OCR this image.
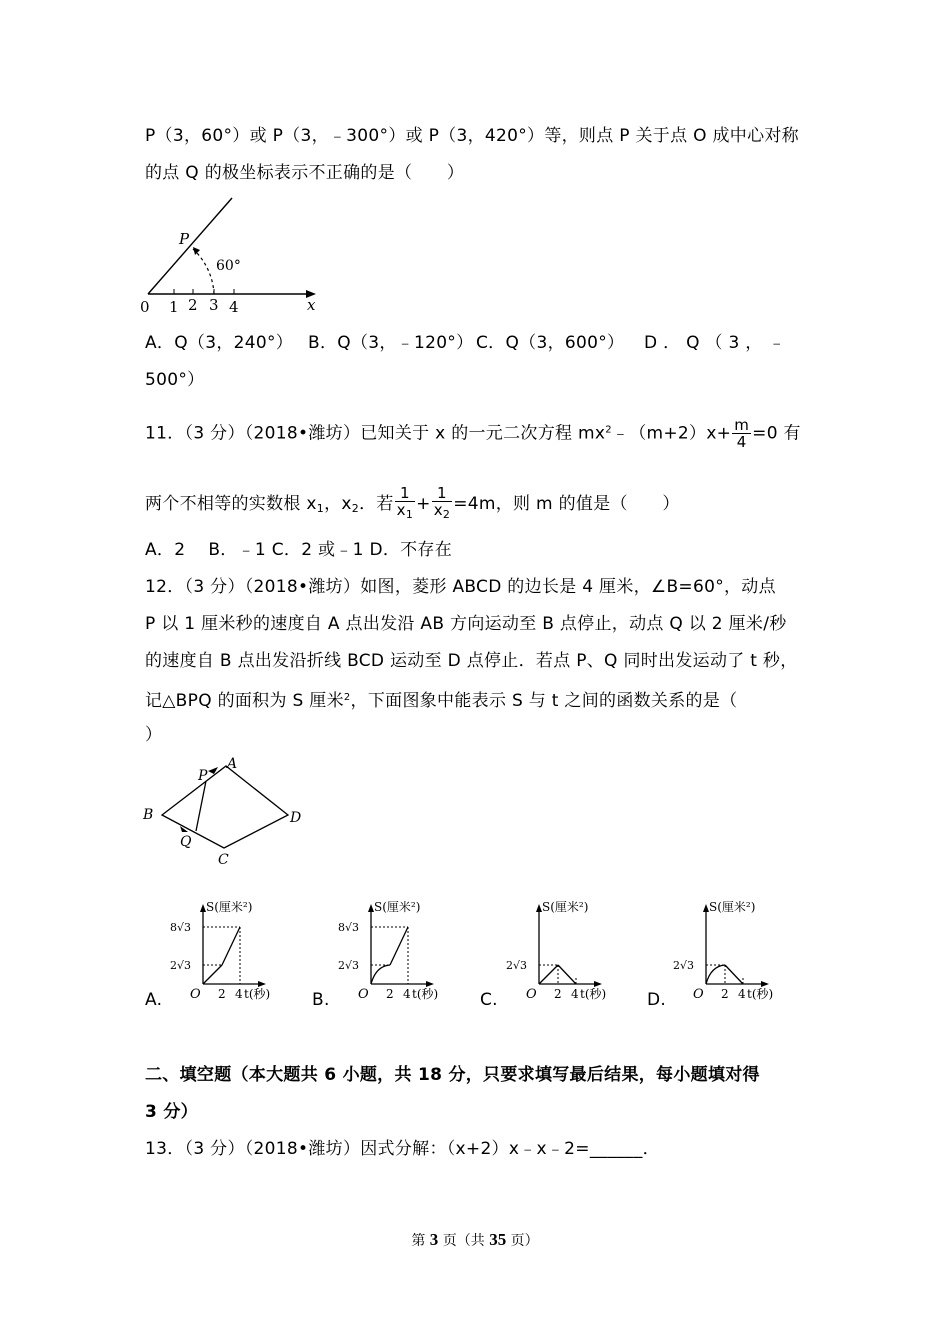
P（3，60°）或 P（3，﹣300°）或 P（3，420°）等，则点 P 关于点 O 成中心对称
的点 Q 的极坐标表示不正确的是（　　）
P
60°
0 1 2 3 4	x
A．Q（3，240°） B．Q（3，﹣120°） C．Q（3，600°） D ． Q （ 3 ， ﹣
500°）
11．（3 分）（2018•潍坊）已知关于 x 的一元二次方程 $mx^2﹣(m+2)x+ \frac{m}{4} =0$ 有
两个不相等的实数根 $x_1$，$x_2$．若 $\frac{1}{x_1} + \frac{1}{x_2} =4m$，则 m 的值是（　　）
A．2　 B．﹣1 C．2 或﹣1 D．不存在
12．（3 分）（2018•潍坊）如图，菱形 ABCD 的边长是 4 厘米，∠B=60°，动点
P 以 1 厘米秒的速度自 A 点出发沿 AB 方向运动至 B 点停止，动点 Q 以 2 厘米/秒
的速度自 B 点出发沿折线 BCD 运动至 D 点停止．若点 P、Q 同时出发运动了 t 秒，
记△BPQ 的面积为 S 厘米$^2$，下面图象中能表示 S 与 t 之间的函数关系的是（
）
A
B
C
D
P
Q
A.	B.	C.	D.
S(厘米²)
8√3
2√3
O 2 4 t(秒)
S(厘米²)
8√3
2√3
O 2 4 t(秒)
S(厘米²)
2√3
O 2 4 t(秒)
S(厘米²)
2√3
O 2 4 t(秒)
二、填空题（本大题共 6 小题，共 18 分，只要求填写最后结果，每小题填对得
3 分）
13．（3 分）（2018•潍坊）因式分解：（x+2）x﹣x﹣2=______．
第 3 页（共 35 页）
